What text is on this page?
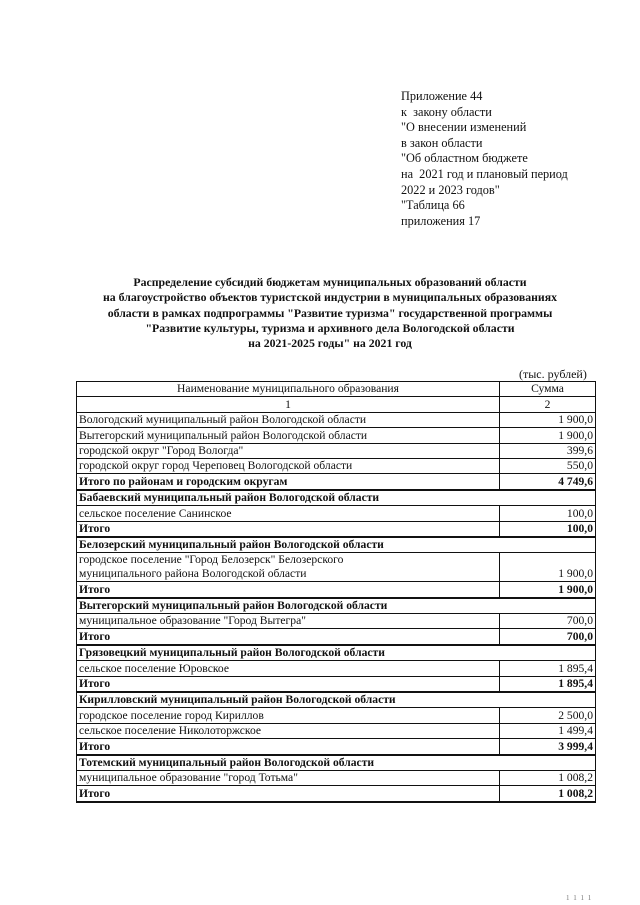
Приложение 44
к  закону области
"О внесении изменений
в закон области
"Об областном бюджете
на  2021 год и плановый период
2022 и 2023 годов"
"Таблица 66
приложения 17
Распределение субсидий бюджетам муниципальных образований области
на благоустройство объектов туристской индустрии в муниципальных образованиях
области в рамках подпрограммы "Развитие туризма" государственной программы
"Развитие культуры, туризма и архивного дела Вологодской области
на 2021-2025 годы" на 2021 год
(тыс. рублей)
Наименование муниципального образования	Сумма
1	2
Вологодский муниципальный район Вологодской области	1 900,0
Вытегорский муниципальный район Вологодской области	1 900,0
городской округ "Город Вологда"	399,6
городской округ город Череповец Вологодской области	550,0
Итого по районам и городским округам	4 749,6
Бабаевский муниципальный район Вологодской области	
сельское поселение Санинское	100,0
Итого	100,0
Белозерский муниципальный район Вологодской области	
городское поселение "Город Белозерск" Белозерского
муниципального района Вологодской области	1 900,0
Итого	1 900,0
Вытегорский муниципальный район Вологодской области	
муниципальное образование "Город Вытегра"	700,0
Итого	700,0
Грязовецкий муниципальный район Вологодской области	
сельское поселение Юровское	1 895,4
Итого	1 895,4
Кирилловский муниципальный район Вологодской области	
городское поселение город Кириллов	2 500,0
сельское поселение Николоторжское	1 499,4
Итого	3 999,4
Тотемский муниципальный район Вологодской области	
муниципальное образование "город Тотьма"	1 008,2
Итого	1 008,2
1 1 1 1
